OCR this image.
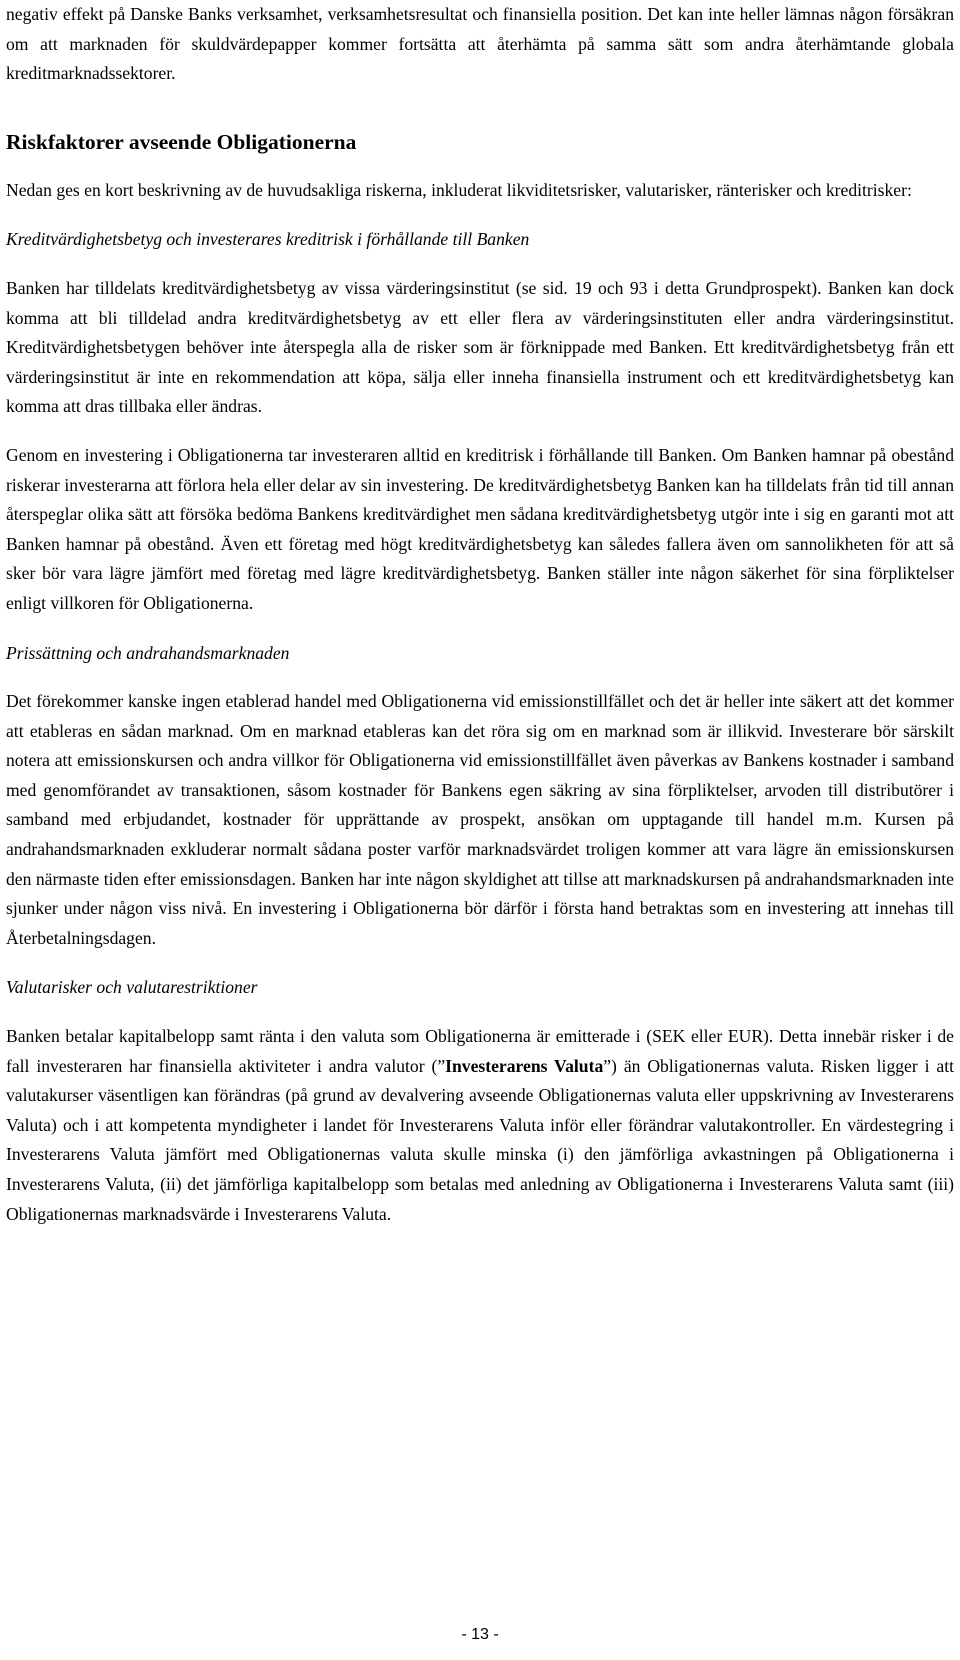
negativ effekt på Danske Banks verksamhet, verksamhetsresultat och finansiella position. Det kan inte heller lämnas någon försäkran om att marknaden för skuldvärdepapper kommer fortsätta att återhämta på samma sätt som andra återhämtande globala kreditmarknadssektorer.

Riskfaktorer avseende Obligationerna

Nedan ges en kort beskrivning av de huvudsakliga riskerna, inkluderat likviditetsrisker, valutarisker, ränterisker och kreditrisker:

Kreditvärdighetsbetyg och investerares kreditrisk i förhållande till Banken

Banken har tilldelats kreditvärdighetsbetyg av vissa värderingsinstitut (se sid. 19 och 93 i detta Grundprospekt). Banken kan dock komma att bli tilldelad andra kreditvärdighetsbetyg av ett eller flera av värderingsinstituten eller andra värderingsinstitut. Kreditvärdighetsbetygen behöver inte återspegla alla de risker som är förknippade med Banken. Ett kreditvärdighetsbetyg från ett värderingsinstitut är inte en rekommendation att köpa, sälja eller inneha finansiella instrument och ett kreditvärdighetsbetyg kan komma att dras tillbaka eller ändras.

Genom en investering i Obligationerna tar investeraren alltid en kreditrisk i förhållande till Banken. Om Banken hamnar på obestånd riskerar investerarna att förlora hela eller delar av sin investering. De kreditvärdighetsbetyg Banken kan ha tilldelats från tid till annan återspeglar olika sätt att försöka bedöma Bankens kreditvärdighet men sådana kreditvärdighetsbetyg utgör inte i sig en garanti mot att Banken hamnar på obestånd. Även ett företag med högt kreditvärdighetsbetyg kan således fallera även om sannolikheten för att så sker bör vara lägre jämfört med företag med lägre kreditvärdighetsbetyg. Banken ställer inte någon säkerhet för sina förpliktelser enligt villkoren för Obligationerna.

Prissättning och andrahandsmarknaden

Det förekommer kanske ingen etablerad handel med Obligationerna vid emissionstillfället och det är heller inte säkert att det kommer att etableras en sådan marknad. Om en marknad etableras kan det röra sig om en marknad som är illikvid. Investerare bör särskilt notera att emissionskursen och andra villkor för Obligationerna vid emissionstillfället även påverkas av Bankens kostnader i samband med genomförandet av transaktionen, såsom kostnader för Bankens egen säkring av sina förpliktelser, arvoden till distributörer i samband med erbjudandet, kostnader för upprättande av prospekt, ansökan om upptagande till handel m.m. Kursen på andrahandsmarknaden exkluderar normalt sådana poster varför marknadsvärdet troligen kommer att vara lägre än emissionskursen den närmaste tiden efter emissionsdagen. Banken har inte någon skyldighet att tillse att marknadskursen på andrahandsmarknaden inte sjunker under någon viss nivå. En investering i Obligationerna bör därför i första hand betraktas som en investering att innehas till Återbetalningsdagen.

Valutarisker och valutarestriktioner

Banken betalar kapitalbelopp samt ränta i den valuta som Obligationerna är emitterade i (SEK eller EUR). Detta innebär risker i de fall investeraren har finansiella aktiviteter i andra valutor (”Investerarens Valuta”) än Obligationernas valuta. Risken ligger i att valutakurser väsentligen kan förändras (på grund av devalvering avseende Obligationernas valuta eller uppskrivning av Investerarens Valuta) och i att kompetenta myndigheter i landet för Investerarens Valuta inför eller förändrar valutakontroller. En värdestegring i Investerarens Valuta jämfört med Obligationernas valuta skulle minska (i) den jämförliga avkastningen på Obligationerna i Investerarens Valuta, (ii) det jämförliga kapitalbelopp som betalas med anledning av Obligationerna i Investerarens Valuta samt (iii) Obligationernas marknadsvärde i Investerarens Valuta.

- 13 -
